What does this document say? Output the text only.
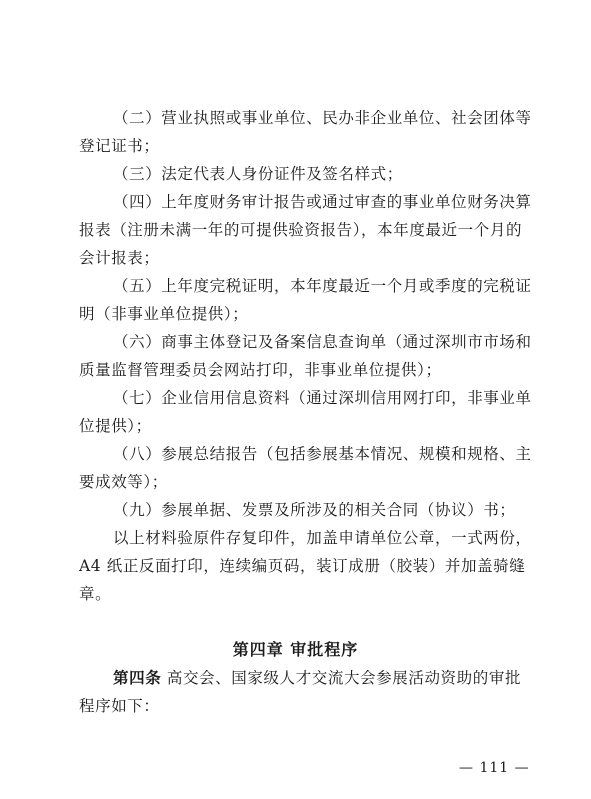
（二）营业执照或事业单位、民办非企业单位、社会团体等
登记证书；
（三）法定代表人身份证件及签名样式；
（四）上年度财务审计报告或通过审查的事业单位财务决算
报表（注册未满一年的可提供验资报告），本年度最近一个月的
会计报表；
（五）上年度完税证明，本年度最近一个月或季度的完税证
明（非事业单位提供）；
（六）商事主体登记及备案信息查询单（通过深圳市市场和
质量监督管理委员会网站打印，非事业单位提供）；
（七）企业信用信息资料（通过深圳信用网打印，非事业单
位提供）；
（八）参展总结报告（包括参展基本情况、规模和规格、主
要成效等）；
（九）参展单据、发票及所涉及的相关合同（协议）书；
以上材料验原件存复印件，加盖申请单位公章，一式两份，
A4 纸正反面打印，连续编页码，装订成册（胶装）并加盖骑缝
章。
第四章 审批程序
第四条 高交会、国家级人才交流大会参展活动资助的审批
程序如下：
— 111 —
